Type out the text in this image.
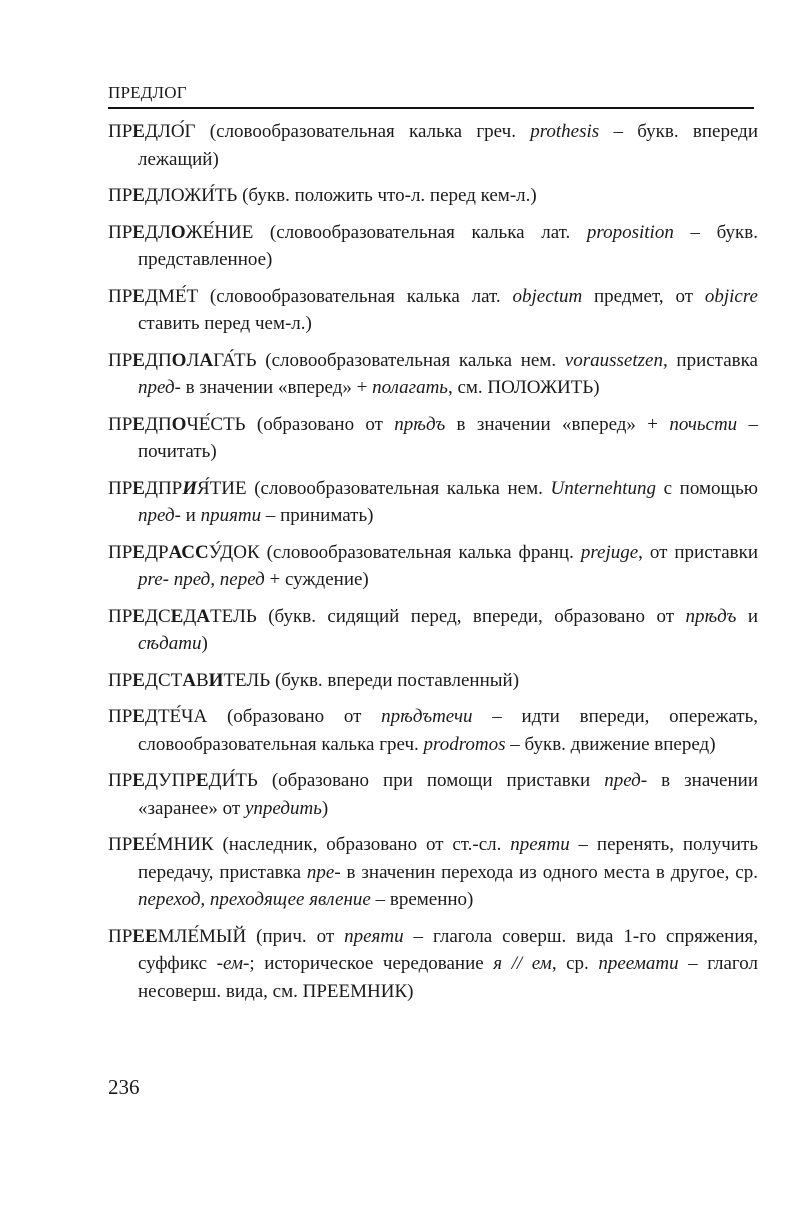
ПРЕДЛОГ

ПРЕДЛО́Г (словообразовательная калька греч. prothesis – букв. впереди лежащий)

ПРЕДЛОЖИ́ТЬ (букв. положить что-л. перед кем-л.)

ПРЕДЛОЖЕ́НИЕ (словообразовательная калька лат. proposition – букв. представленное)

ПРЕДМЕ́Т (словообразовательная калька лат. objectum предмет, от objicre ставить перед чем-л.)

ПРЕДПОЛАГА́ТЬ (словообразовательная калька нем. voraussetzen, приставка пред- в значении «вперед» + полагать, см. ПОЛОЖИТЬ)

ПРЕДПОЧЕ́СТЬ (образовано от прѣдъ в значении «вперед» + почьсти – почитать)

ПРЕДПРИЯ́ТИЕ (словообразовательная калька нем. Unternehtung с помощью пред- и приятu – принимать)

ПРЕДРАССУ́ДОК (словообразовательная калька франц. prejuge, от приставки pre- пред, перед + суждение)

ПРЕДСЕДАТЕЛЬ (букв. сидящий перед, впереди, образовано от прѣдъ и сѣдати)

ПРЕДСТАВИТЕЛЬ (букв. впереди поставленный)

ПРЕДТЕ́ЧА (образовано от прѣдътечи – идти впереди, опережать, словообразовательная калька греч. prodromos – букв. движение вперед)

ПРЕДУПРЕДИ́ТЬ (образовано при помощи приставки пред- в значении «заранее» от упредить)

ПРЕЕ́МНИК (наследник, образовано от ст.-сл. преяти – перенять, получить передачу, приставка пре- в значенин перехода из одного места в другое, ср. переход, преходящее явление – временно)

ПРЕЕМЛЕ́МЫЙ (прич. от преяти – глагола соверш. вида 1-го спряжения, суффикс -ем-; историческое чередование я // ем, ср. преемати – глагол несоверш. вида, см. ПРЕЕМНИК)

236
